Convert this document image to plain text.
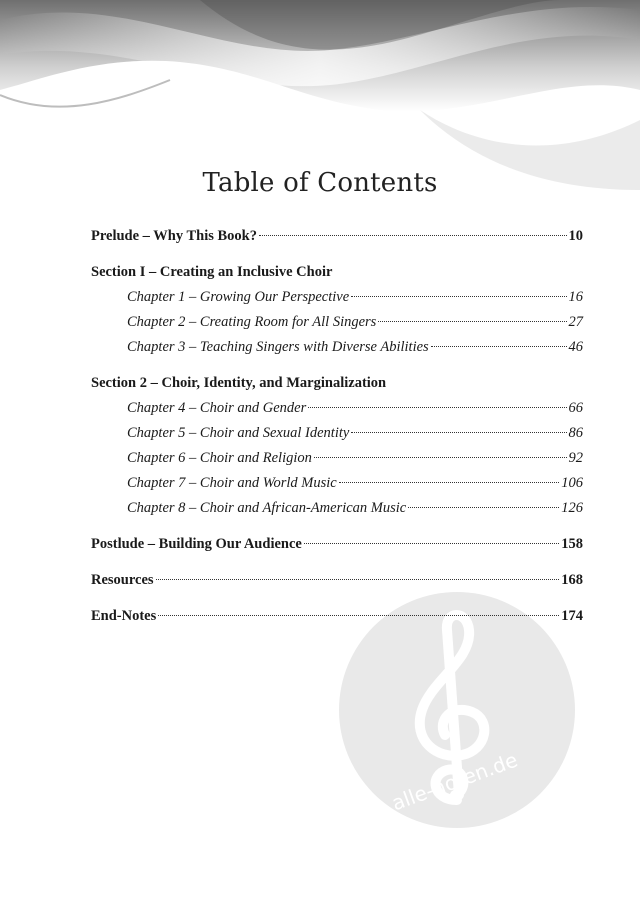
alle-noten.de
Table of Contents
Prelude – Why This Book?	10
Section I – Creating an Inclusive Choir
Chapter 1 – Growing Our Perspective	16
Chapter 2 – Creating Room for All Singers	27
Chapter 3 – Teaching Singers with Diverse Abilities	46
Section 2 – Choir, Identity, and Marginalization
Chapter 4 – Choir and Gender	66
Chapter 5 – Choir and Sexual Identity	86
Chapter 6 – Choir and Religion	92
Chapter 7 – Choir and World Music	106
Chapter 8 – Choir and African-American Music	126
Postlude – Building Our Audience	158
Resources	168
End-Notes	174
